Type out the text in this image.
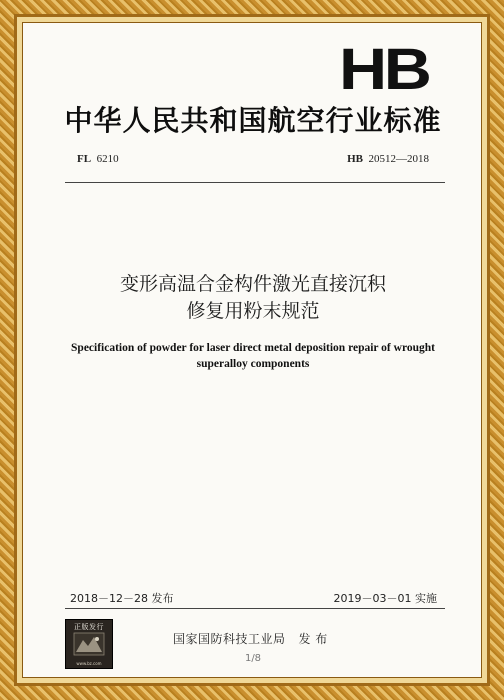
HB
中华人民共和国航空行业标准
FL 6210	HB 20512—2018
变形高温合金构件激光直接沉积
修复用粉末规范
Specification of powder for laser direct metal deposition repair of wrought
superalloy components
2018－12－28 发布	2019－03－01 实施
正版发行
www.bz.com
国家国防科技工业局 发 布
1/8
